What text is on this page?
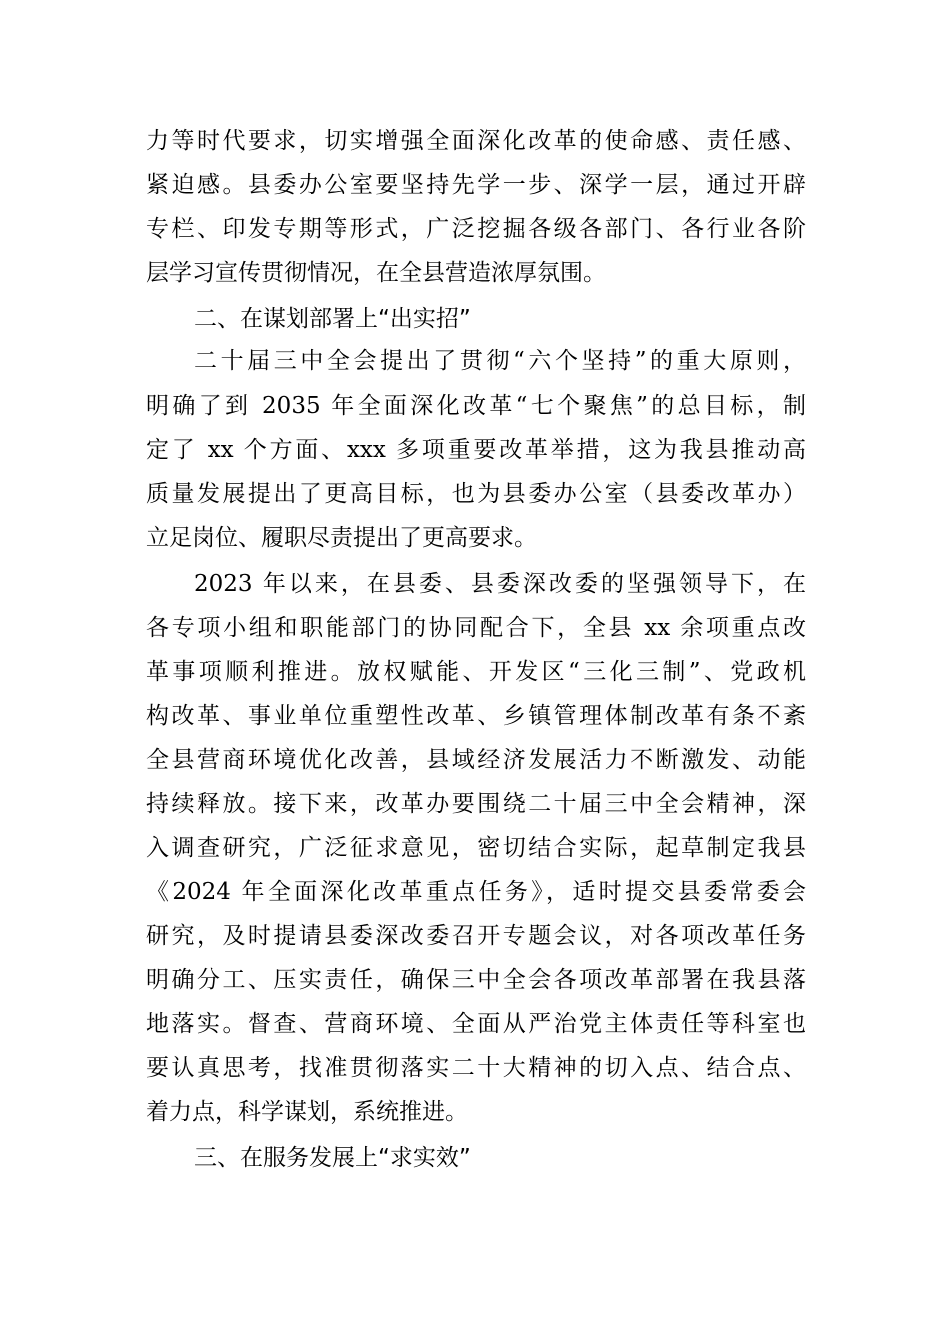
力等时代要求，切实增强全面深化改革的使命感、责任感、
紧迫感。县委办公室要坚持先学一步、深学一层，通过开辟
专栏、印发专期等形式，广泛挖掘各级各部门、各行业各阶
层学习宣传贯彻情况，在全县营造浓厚氛围。
二、在谋划部署上“出实招”
二十届三中全会提出了贯彻“六个坚持”的重大原则，
明确了到 2035 年全面深化改革“七个聚焦”的总目标，制
定了 xx 个方面、xxx 多项重要改革举措，这为我县推动高
质量发展提出了更高目标，也为县委办公室（县委改革办）
立足岗位、履职尽责提出了更高要求。
2023 年以来，在县委、县委深改委的坚强领导下，在
各专项小组和职能部门的协同配合下，全县 xx 余项重点改
革事项顺利推进。放权赋能、开发区“三化三制”、党政机
构改革、事业单位重塑性改革、乡镇管理体制改革有条不紊
全县营商环境优化改善，县域经济发展活力不断激发、动能
持续释放。接下来，改革办要围绕二十届三中全会精神，深
入调查研究，广泛征求意见，密切结合实际，起草制定我县
《2024 年全面深化改革重点任务》，适时提交县委常委会
研究，及时提请县委深改委召开专题会议，对各项改革任务
明确分工、压实责任，确保三中全会各项改革部署在我县落
地落实。督查、营商环境、全面从严治党主体责任等科室也
要认真思考，找准贯彻落实二十大精神的切入点、结合点、
着力点，科学谋划，系统推进。
三、在服务发展上“求实效”
